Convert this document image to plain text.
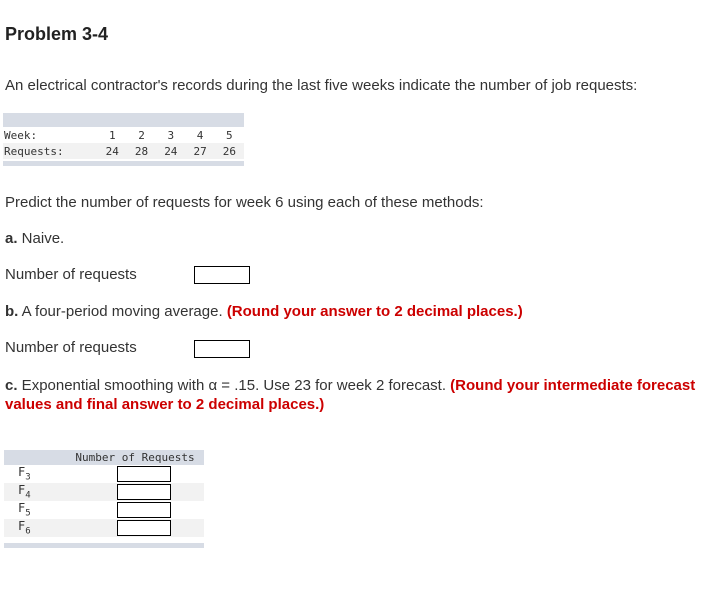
Problem 3-4
An electrical contractor's records during the last five weeks indicate the number of job requests:
Week:	1	2	3	4	5
Requests:	24	28	24	27	26
Predict the number of requests for week 6 using each of these methods:
a. Naive.
Number of requests
b. A four-period moving average. (Round your answer to 2 decimal places.)
Number of requests
c. Exponential smoothing with α = .15. Use 23 for week 2 forecast. (Round your intermediate forecast
values and final answer to 2 decimal places.)
Number of Requests
$F_3$
$F_4$
$F_5$
$F_6$
